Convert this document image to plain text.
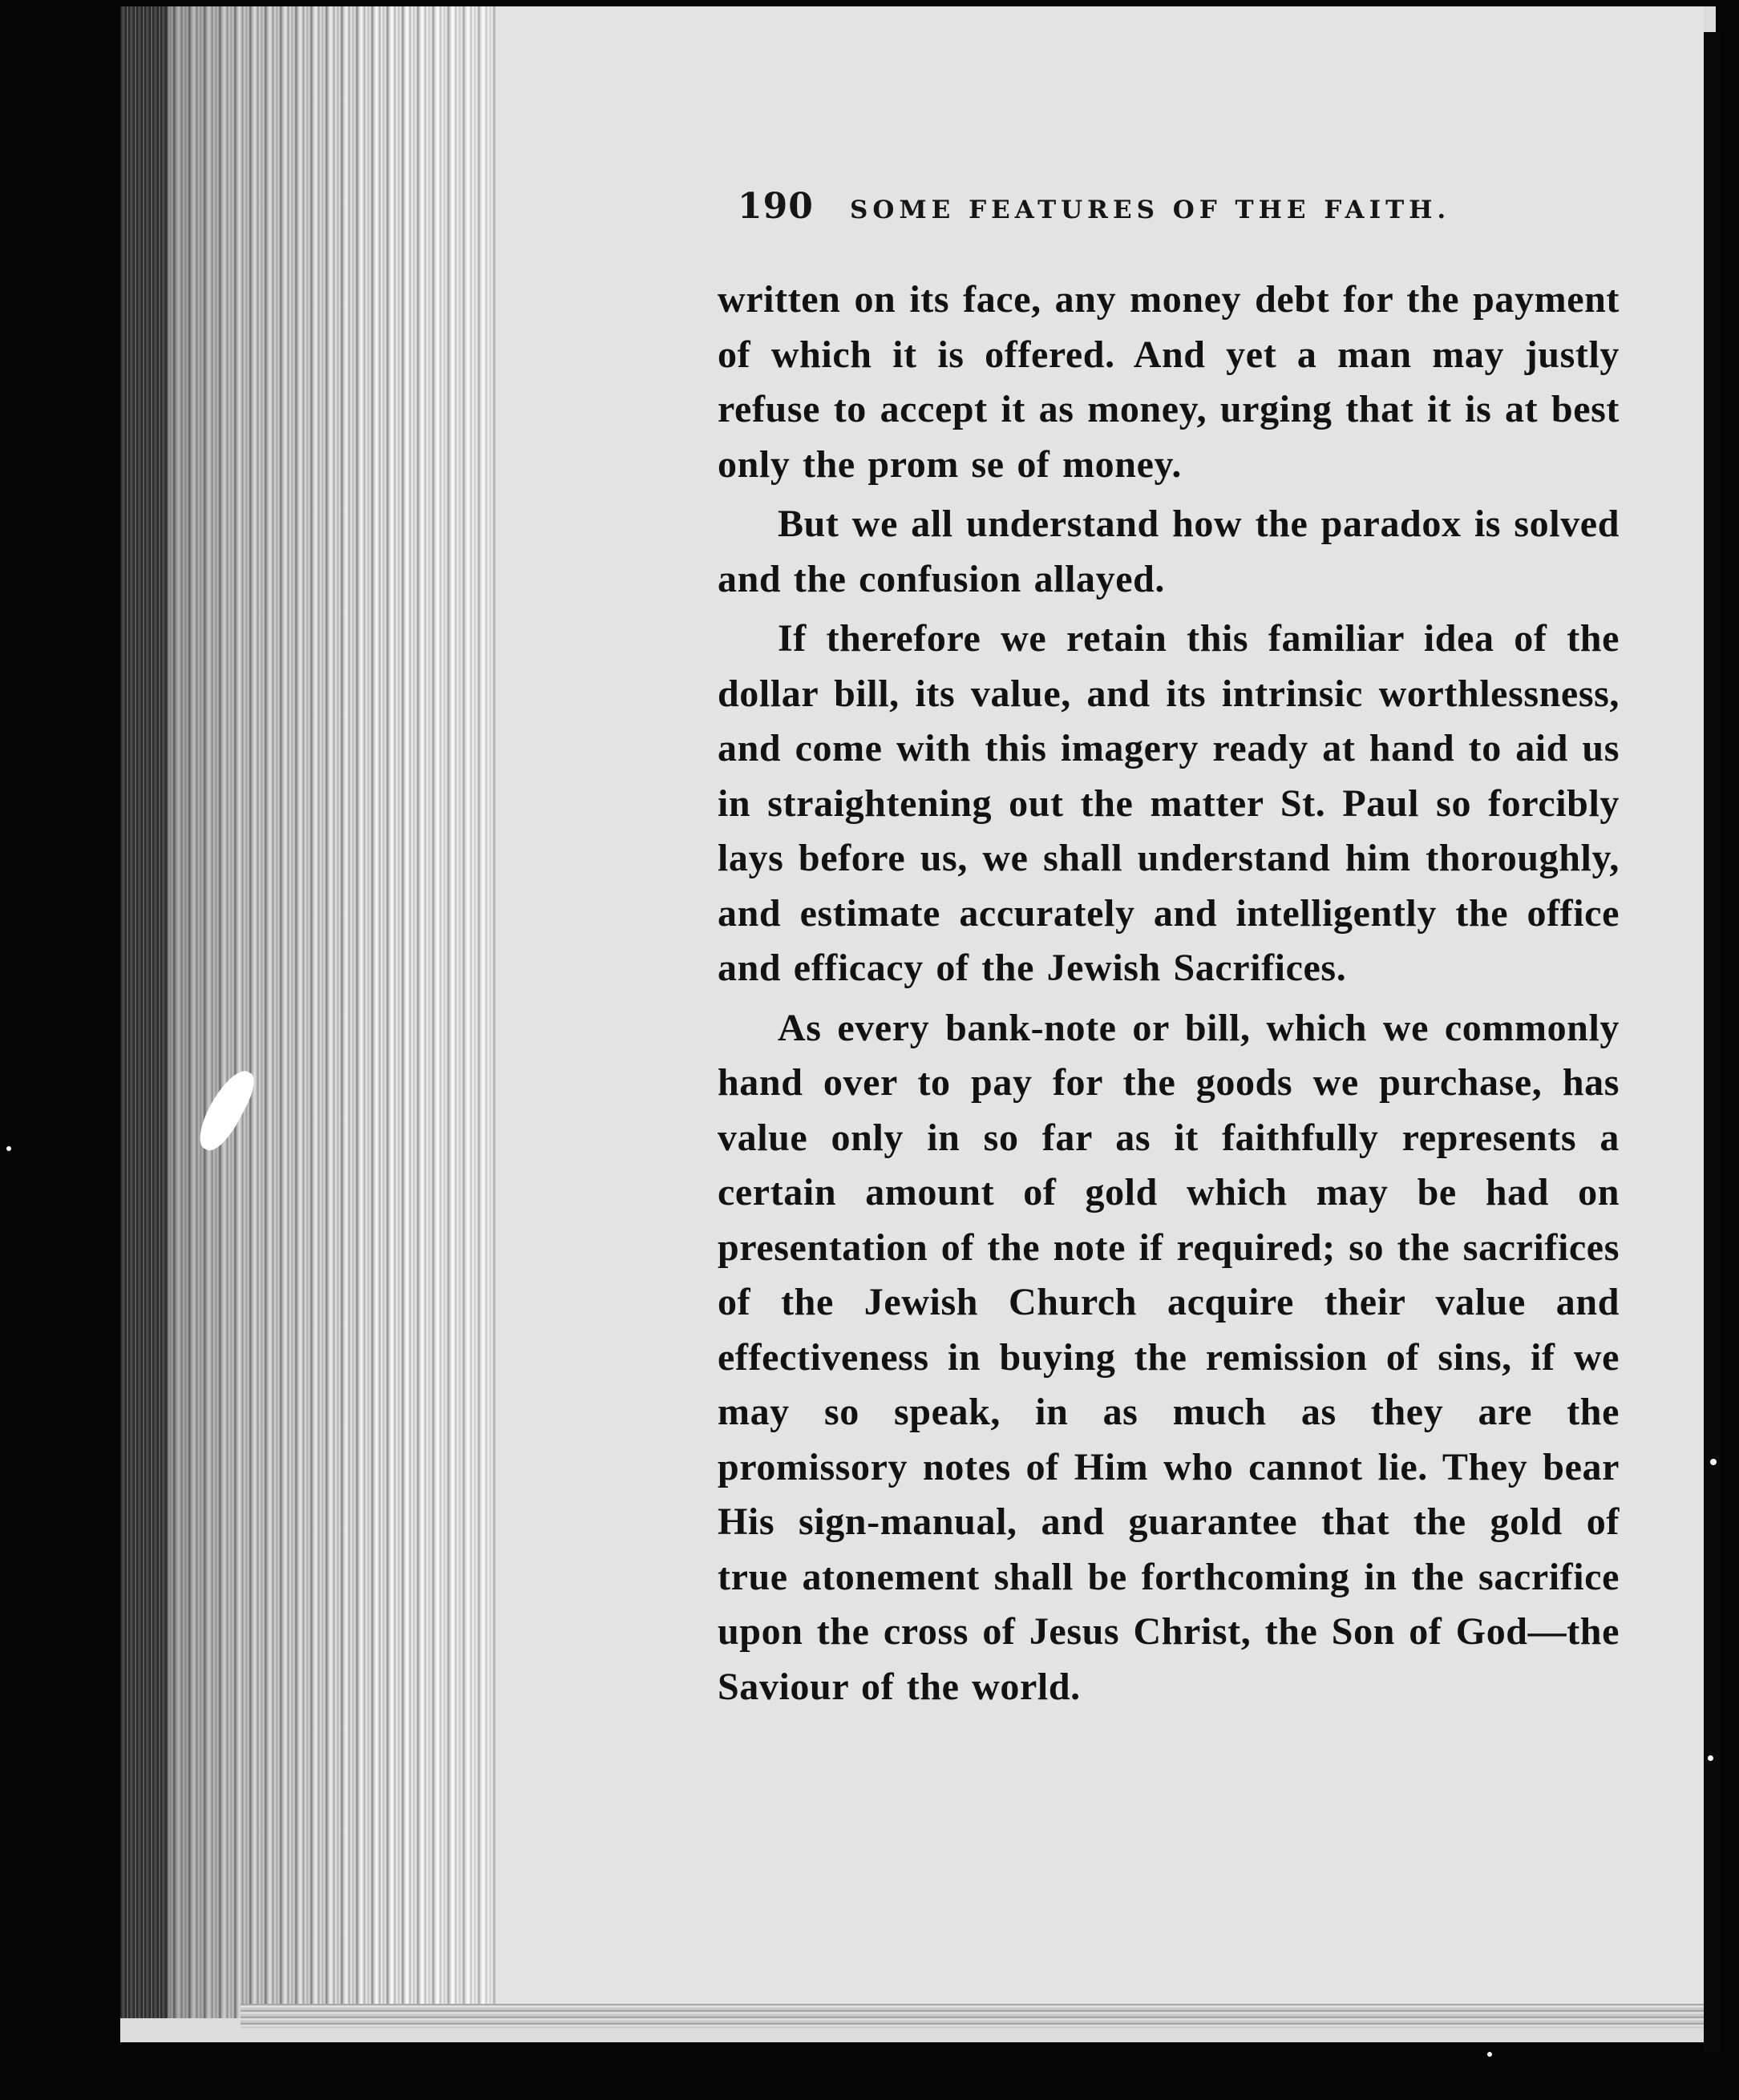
190 SOME FEATURES OF THE FAITH.

written on its face, any money debt for the payment of which it is offered. And yet a man may justly refuse to accept it as money, urging that it is at best only the prom se of money.

But we all understand how the paradox is solved and the confusion allayed.

If therefore we retain this familiar idea of the dollar bill, its value, and its intrinsic worthlessness, and come with this imagery ready at hand to aid us in straightening out the matter St. Paul so forcibly lays before us, we shall understand him thoroughly, and estimate accurately and intelligently the office and efficacy of the Jewish Sacrifices.

As every bank-note or bill, which we commonly hand over to pay for the goods we purchase, has value only in so far as it faithfully represents a certain amount of gold which may be had on presentation of the note if required; so the sacrifices of the Jewish Church acquire their value and effectiveness in buying the remission of sins, if we may so speak, in as much as they are the promissory notes of Him who cannot lie. They bear His sign-manual, and guarantee that the gold of true atonement shall be forthcoming in the sacrifice upon the cross of Jesus Christ, the Son of God—the Saviour of the world.
